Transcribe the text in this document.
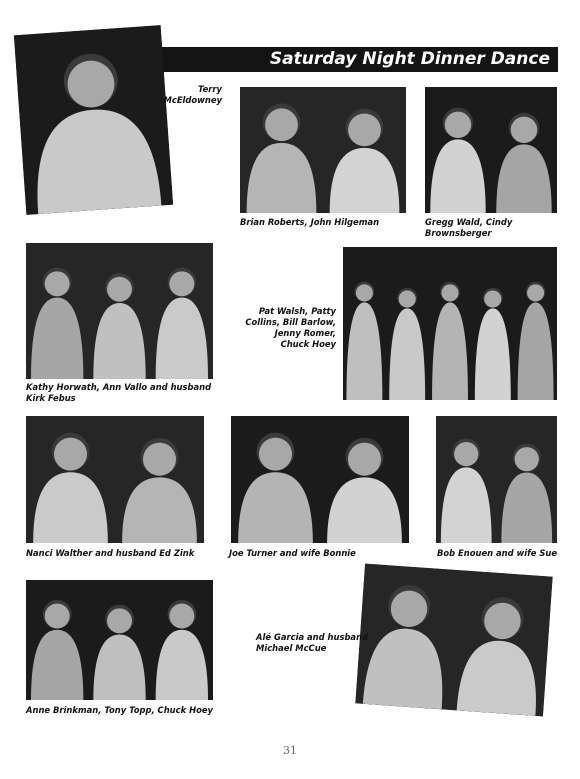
Saturday Night Dinner Dance
Terry
McEldowney
Brian Roberts, John Hilgeman	Gregg Wald, Cindy
Brownsberger
Kathy Horwath, Ann Vallo and husband
Kirk Febus
Pat Walsh, Patty
Collins, Bill Barlow,
Jenny Romer,
Chuck Hoey
Nanci Walther and husband Ed Zink	Joe Turner and wife Bonnie	Bob Enouen and wife Sue
Anne Brinkman, Tony Topp, Chuck Hoey
Alé Garcia and husband
Michael McCue
31
